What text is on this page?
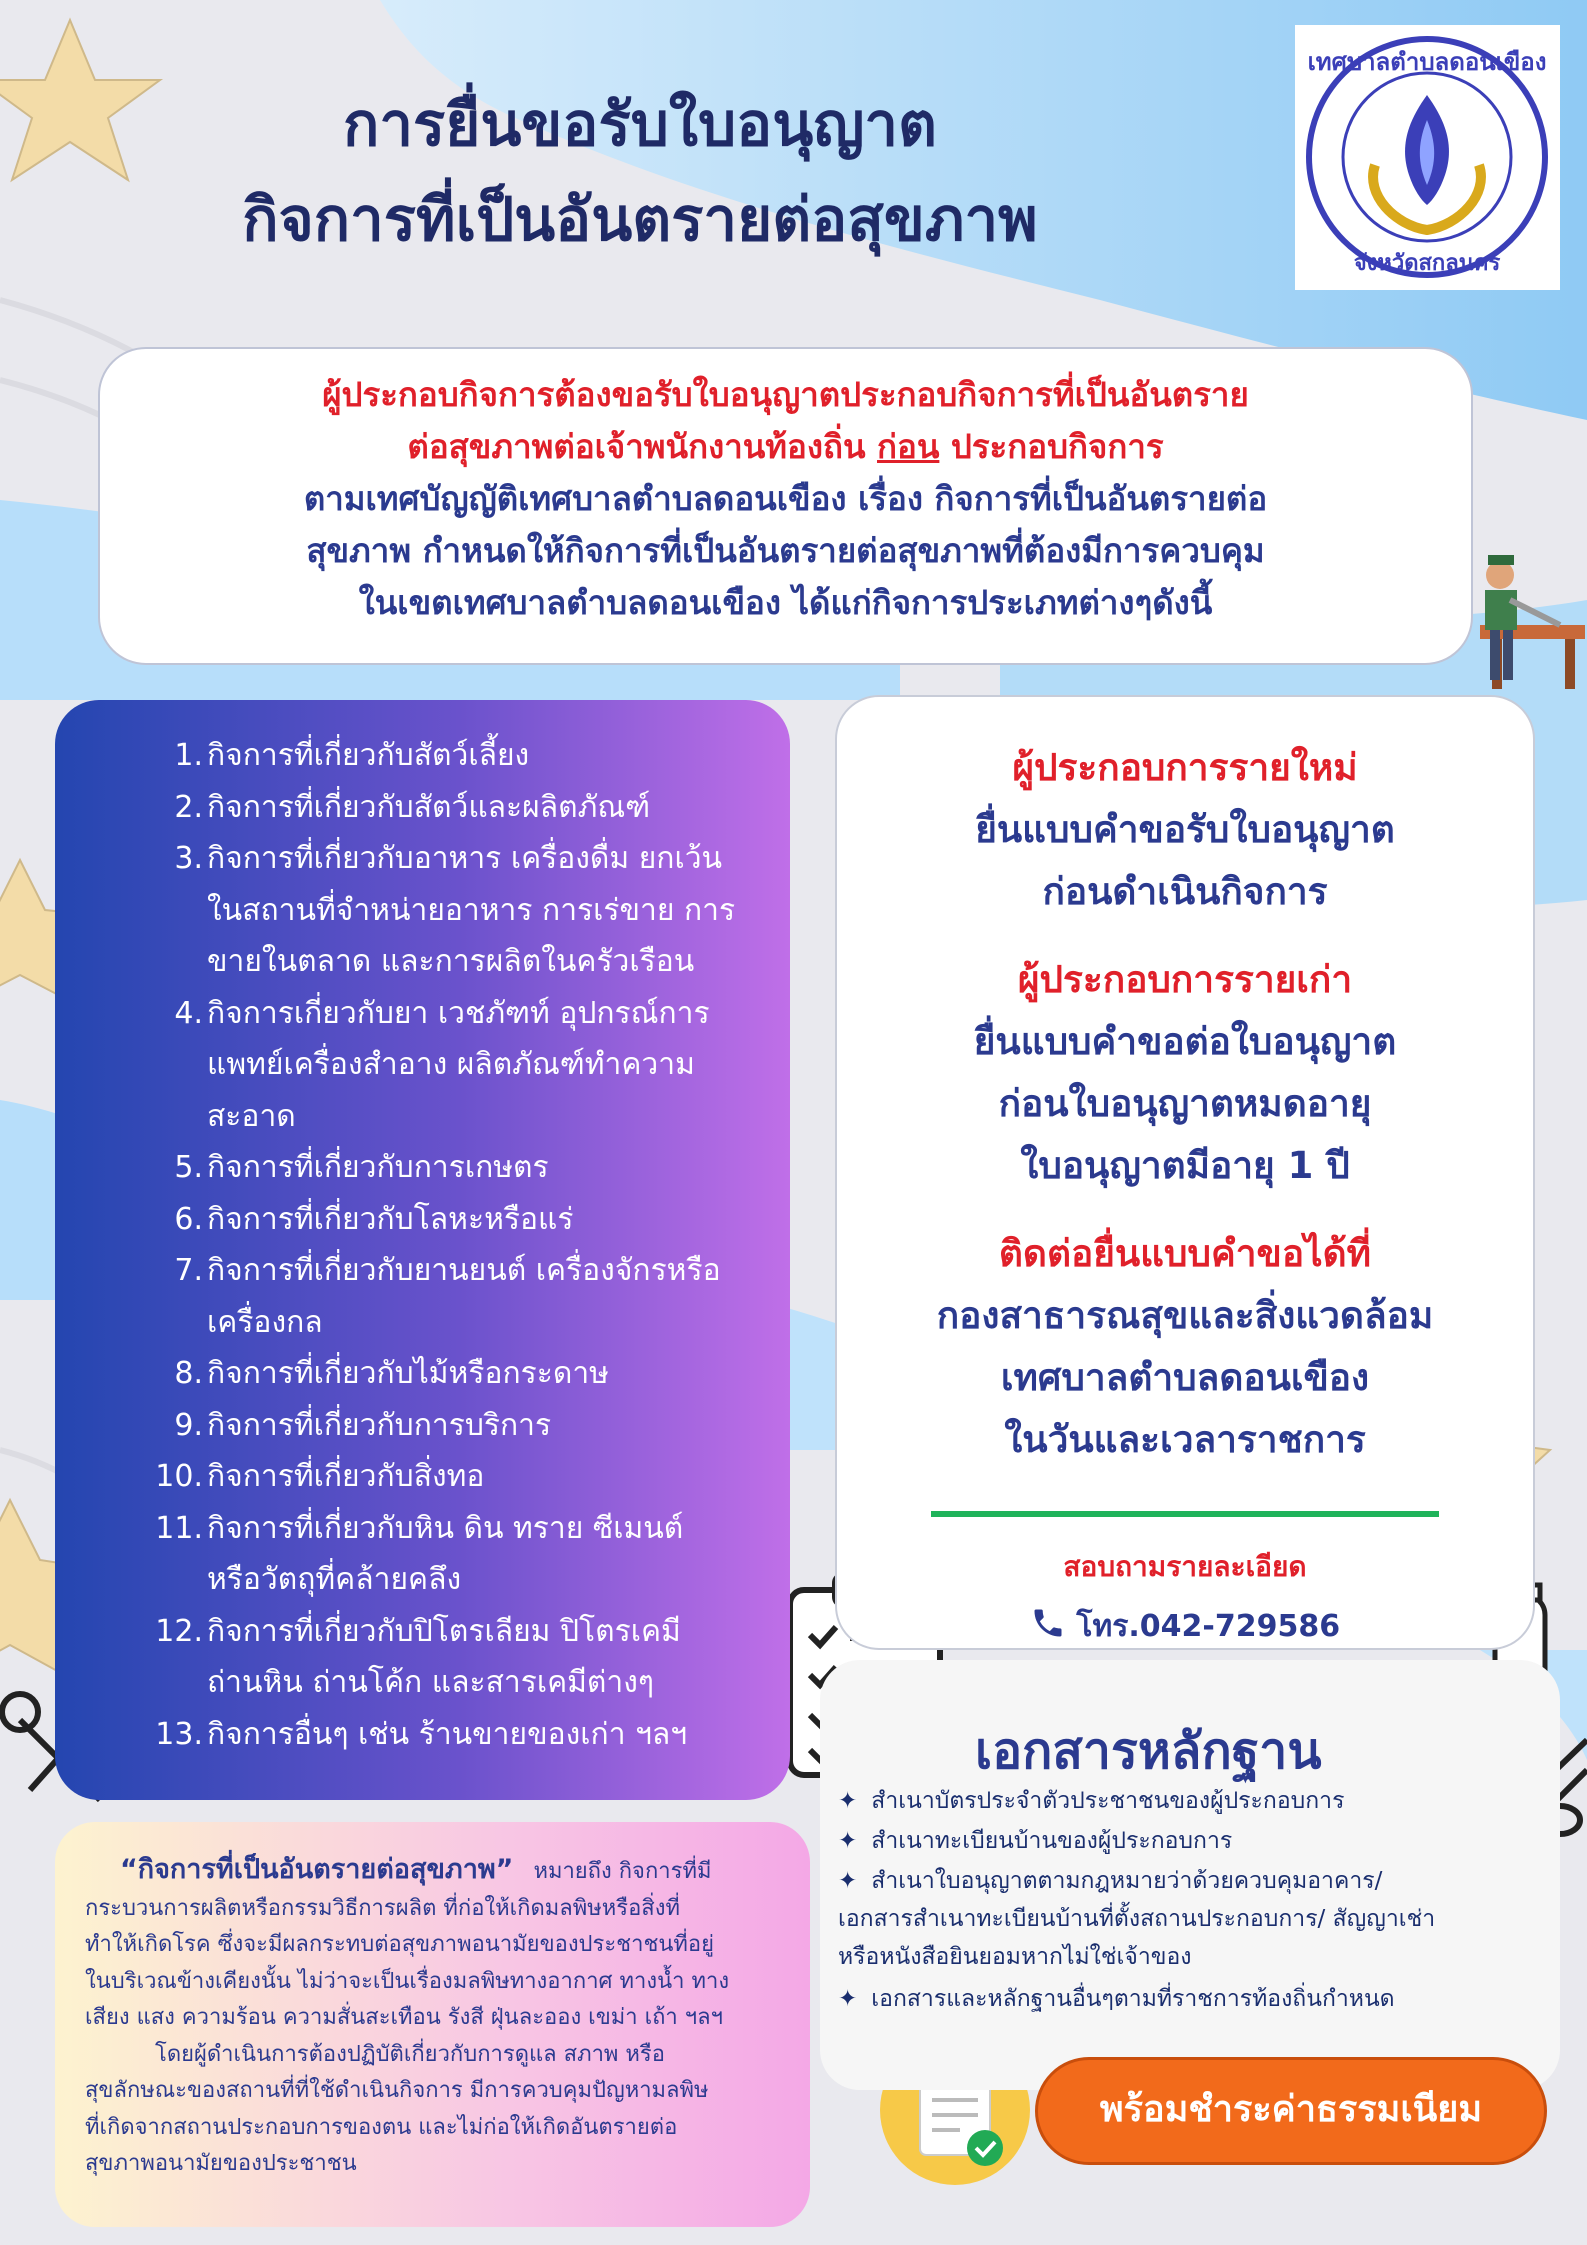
การยื่นขอรับใบอนุญาต
กิจการที่เป็นอันตรายต่อสุขภาพ
เทศบาลตำบลดอนเขือง
จังหวัดสกลนคร
ผู้ประกอบกิจการต้องขอรับใบอนุญาตประกอบกิจการที่เป็นอันตราย
ต่อสุขภาพต่อเจ้าพนักงานท้องถิ่น ก่อน ประกอบกิจการ
ตามเทศบัญญัติเทศบาลตำบลดอนเขือง เรื่อง กิจการที่เป็นอันตรายต่อ
สุขภาพ กำหนดให้กิจการที่เป็นอันตรายต่อสุขภาพที่ต้องมีการควบคุม
ในเขตเทศบาลตำบลดอนเขือง ได้แก่กิจการประเภทต่างๆดังนี้
1. กิจการที่เกี่ยวกับสัตว์เลี้ยง
2. กิจการที่เกี่ยวกับสัตว์และผลิตภัณฑ์
3. กิจการที่เกี่ยวกับอาหาร เครื่องดื่ม ยกเว้น
ในสถานที่จำหน่ายอาหาร การเร่ขาย การ
ขายในตลาด และการผลิตในครัวเรือน
4. กิจการเกี่ยวกับยา เวชภัฑท์ อุปกรณ์การ
แพทย์เครื่องสำอาง ผลิตภัณฑ์ทำความ
สะอาด
5. กิจการที่เกี่ยวกับการเกษตร
6. กิจการที่เกี่ยวกับโลหะหรือแร่
7. กิจการที่เกี่ยวกับยานยนต์ เครื่องจักรหรือ
เครื่องกล
8. กิจการที่เกี่ยวกับไม้หรือกระดาษ
9. กิจการที่เกี่ยวกับการบริการ
10. กิจการที่เกี่ยวกับสิ่งทอ
11. กิจการที่เกี่ยวกับหิน ดิน ทราย ซีเมนต์
หรือวัตถุที่คล้ายคลึง
12. กิจการที่เกี่ยวกับปิโตรเลียม ปิโตรเคมี
ถ่านหิน ถ่านโค้ก และสารเคมีต่างๆ
13. กิจการอื่นๆ เช่น ร้านขายของเก่า ฯลฯ
ผู้ประกอบการรายใหม่
ยื่นแบบคำขอรับใบอนุญาต
ก่อนดำเนินกิจการ
ผู้ประกอบการรายเก่า
ยื่นแบบคำขอต่อใบอนุญาต
ก่อนใบอนุญาตหมดอายุ
ใบอนุญาตมีอายุ 1 ปี
ติดต่อยื่นแบบคำขอได้ที่
กองสาธารณสุขและสิ่งแวดล้อม
เทศบาลตำบลดอนเขือง
ในวันและเวลาราชการ
สอบถามรายละเอียด
โทร.042-729586
เอกสารหลักฐาน
✦ สำเนาบัตรประจำตัวประชาชนของผู้ประกอบการ
✦ สำเนาทะเบียนบ้านของผู้ประกอบการ
✦ สำเนาใบอนุญาตตามกฎหมายว่าด้วยควบคุมอาคาร/
เอกสารสำเนาทะเบียนบ้านที่ตั้งสถานประกอบการ/ สัญญาเช่า
หรือหนังสือยินยอมหากไม่ใช่เจ้าของ
✦ เอกสารและหลักฐานอื่นๆตามที่ราชการท้องถิ่นกำหนด
“กิจการที่เป็นอันตรายต่อสุขภาพ” หมายถึง กิจการที่มี
กระบวนการผลิตหรือกรรมวิธีการผลิต ที่ก่อให้เกิดมลพิษหรือสิ่งที่
ทำให้เกิดโรค ซึ่งจะมีผลกระทบต่อสุขภาพอนามัยของประชาชนที่อยู่
ในบริเวณข้างเคียงนั้น ไม่ว่าจะเป็นเรื่องมลพิษทางอากาศ ทางน้ำ ทาง
เสียง แสง ความร้อน ความสั่นสะเทือน รังสี ฝุ่นละออง เขม่า เถ้า ฯลฯ
โดยผู้ดำเนินการต้องปฏิบัติเกี่ยวกับการดูแล สภาพ หรือ
สุขลักษณะของสถานที่ที่ใช้ดำเนินกิจการ มีการควบคุมปัญหามลพิษ
ที่เกิดจากสถานประกอบการของตน และไม่ก่อให้เกิดอันตรายต่อ
สุขภาพอนามัยของประชาชน
พร้อมชำระค่าธรรมเนียม
